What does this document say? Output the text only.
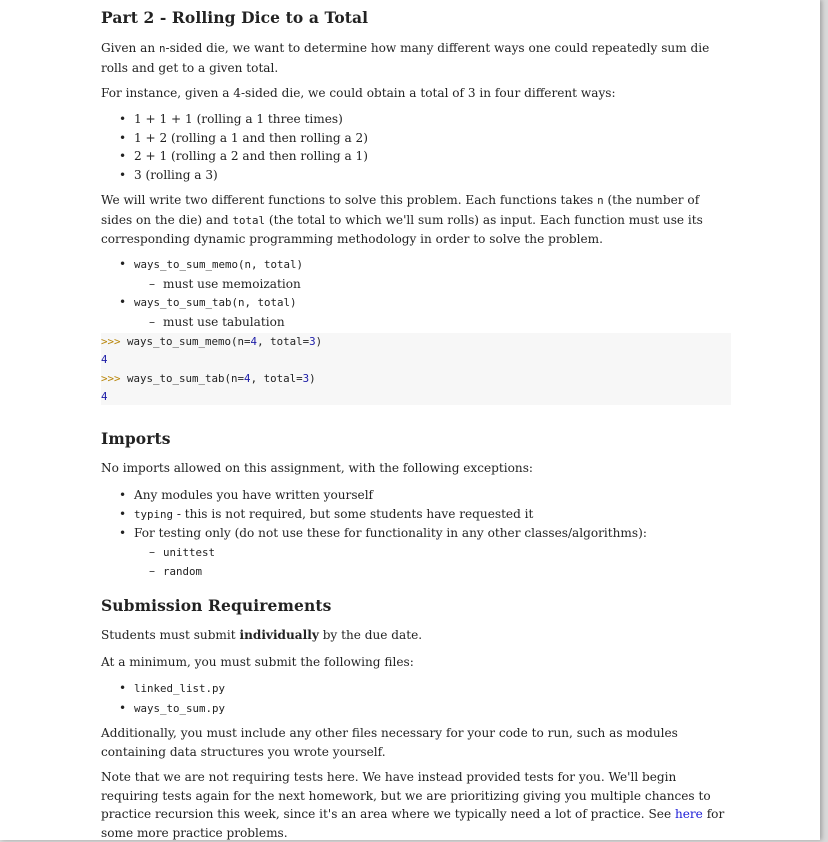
Part 2 - Rolling Dice to a Total

Given an n-sided die, we want to determine how many different ways one could repeatedly sum die rolls and get to a given total.

For instance, given a 4-sided die, we could obtain a total of 3 in four different ways:

• 1 + 1 + 1 (rolling a 1 three times)
• 1 + 2 (rolling a 1 and then rolling a 2)
• 2 + 1 (rolling a 2 and then rolling a 1)
• 3 (rolling a 3)

We will write two different functions to solve this problem. Each functions takes n (the number of sides on the die) and total (the total to which we'll sum rolls) as input. Each function must use its corresponding dynamic programming methodology in order to solve the problem.

• ways_to_sum_memo(n, total)
– must use memoization
• ways_to_sum_tab(n, total)
– must use tabulation
>>> ways_to_sum_memo(n=4, total=3)
4
>>> ways_to_sum_tab(n=4, total=3)
4
Imports

No imports allowed on this assignment, with the following exceptions:

• Any modules you have written yourself
• typing - this is not required, but some students have requested it
• For testing only (do not use these for functionality in any other classes/algorithms):
– unittest
– random
Submission Requirements

Students must submit individually by the due date.

At a minimum, you must submit the following files:

• linked_list.py
• ways_to_sum.py

Additionally, you must include any other files necessary for your code to run, such as modules containing data structures you wrote yourself.

Note that we are not requiring tests here. We have instead provided tests for you. We'll begin requiring tests again for the next homework, but we are prioritizing giving you multiple chances to practice recursion this week, since it's an area where we typically need a lot of practice. See here for some more practice problems.
